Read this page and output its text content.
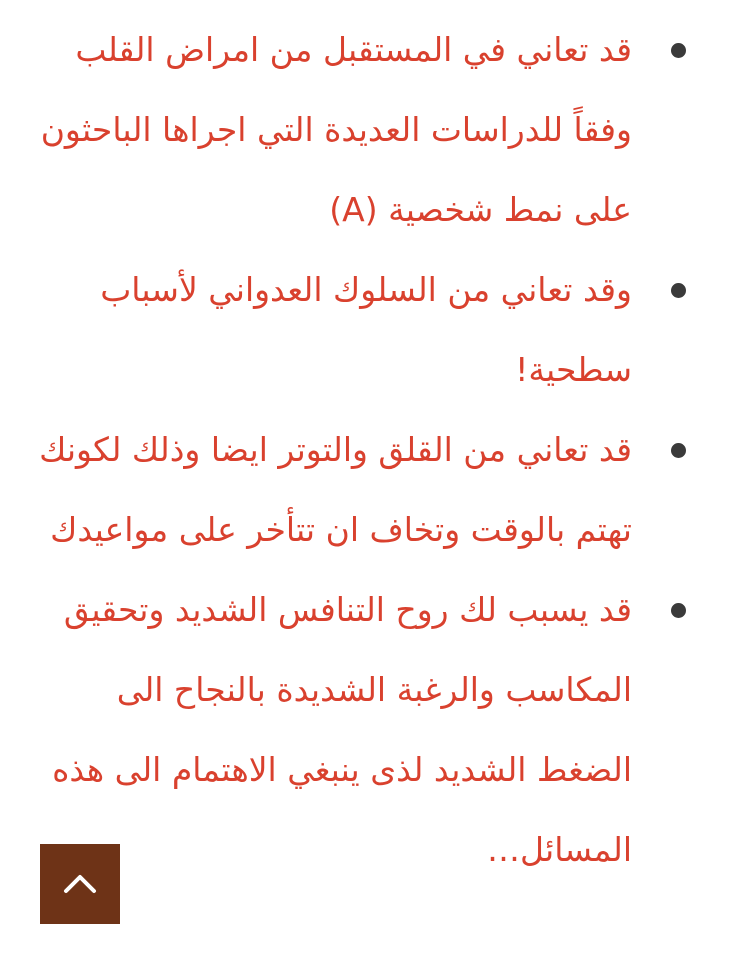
قد تعاني في المستقبل من امراض القلب وفقاً للدراسات العديدة التي اجراها الباحثون على نمط شخصية (A)
وقد تعاني من السلوك العدواني لأسباب سطحية!
قد تعاني من القلق والتوتر ايضا وذلك لكونك تهتم بالوقت وتخاف ان تتأخر على مواعيدك
قد يسبب لك روح التنافس الشديد وتحقيق المكاسب والرغبة الشديدة بالنجاح الى الضغط الشديد لذى ينبغي الاهتمام الى هذه المسائل…
